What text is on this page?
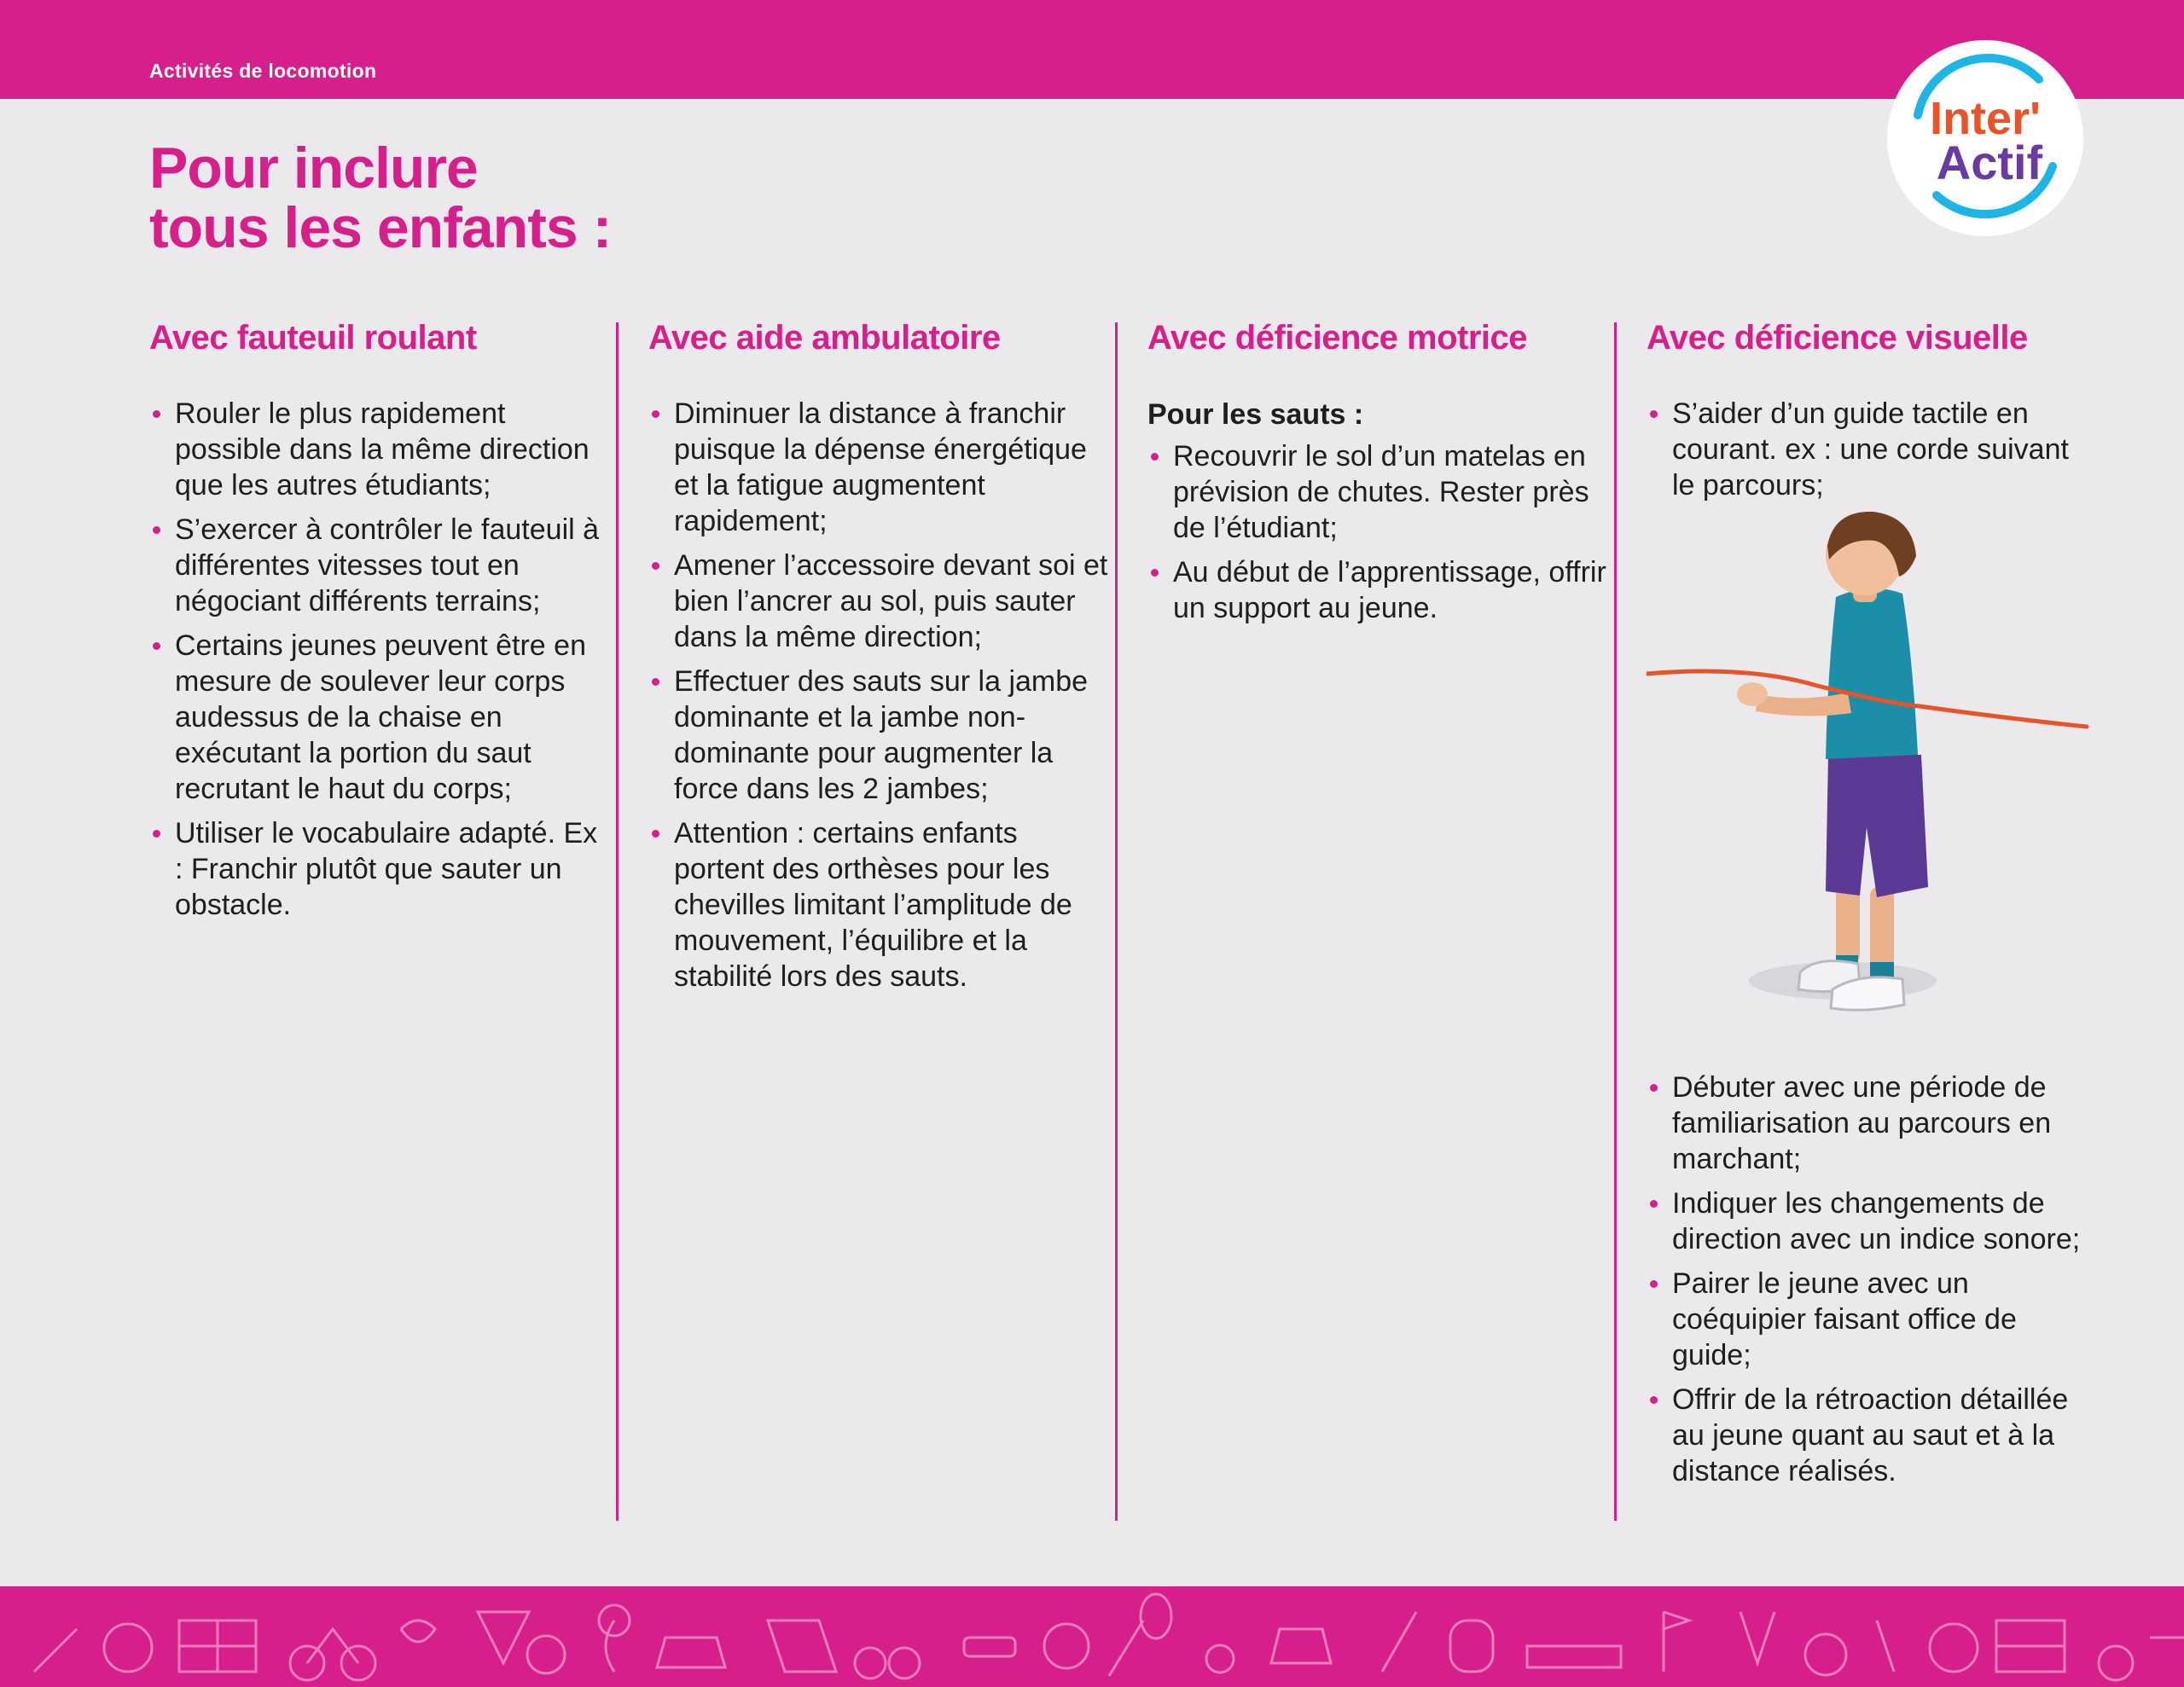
Activités de locomotion
Inter'
Actif
Pour inclure
tous les enfants :
Avec fauteuil roulant
Rouler le plus rapidement possible dans la même direction que les autres étudiants;
S’exercer à contrôler le fauteuil à différentes vitesses tout en négociant différents terrains;
Certains jeunes peuvent être en mesure de soulever leur corps audessus de la chaise en exécutant la portion du saut recrutant le haut du corps;
Utiliser le vocabulaire adapté. Ex : Franchir plutôt que sauter un obstacle.
Avec aide ambulatoire
Diminuer la distance à franchir puisque la dépense énergétique et la fatigue augmentent rapidement;
Amener l’accessoire devant soi et bien l’ancrer au sol, puis sauter dans la même direction;
Effectuer des sauts sur la jambe dominante et la jambe non-dominante pour augmenter la force dans les 2 jambes;
Attention : certains enfants portent des orthèses pour les chevilles limitant l’amplitude de mouvement, l’équilibre et la stabilité lors des sauts.
Avec déficience motrice
Pour les sauts :
Recouvrir le sol d’un matelas en prévision de chutes. Rester près de l’étudiant;
Au début de l’apprentissage, offrir un support au jeune.
Avec déficience visuelle
S’aider d’un guide tactile en courant. ex : une corde suivant le parcours;
Débuter avec une période de familiarisation au parcours en marchant;
Indiquer les changements de direction avec un indice sonore;
Pairer le jeune avec un coéquipier faisant office de guide;
Offrir de la rétroaction détaillée au jeune quant au saut et à la distance réalisés.
